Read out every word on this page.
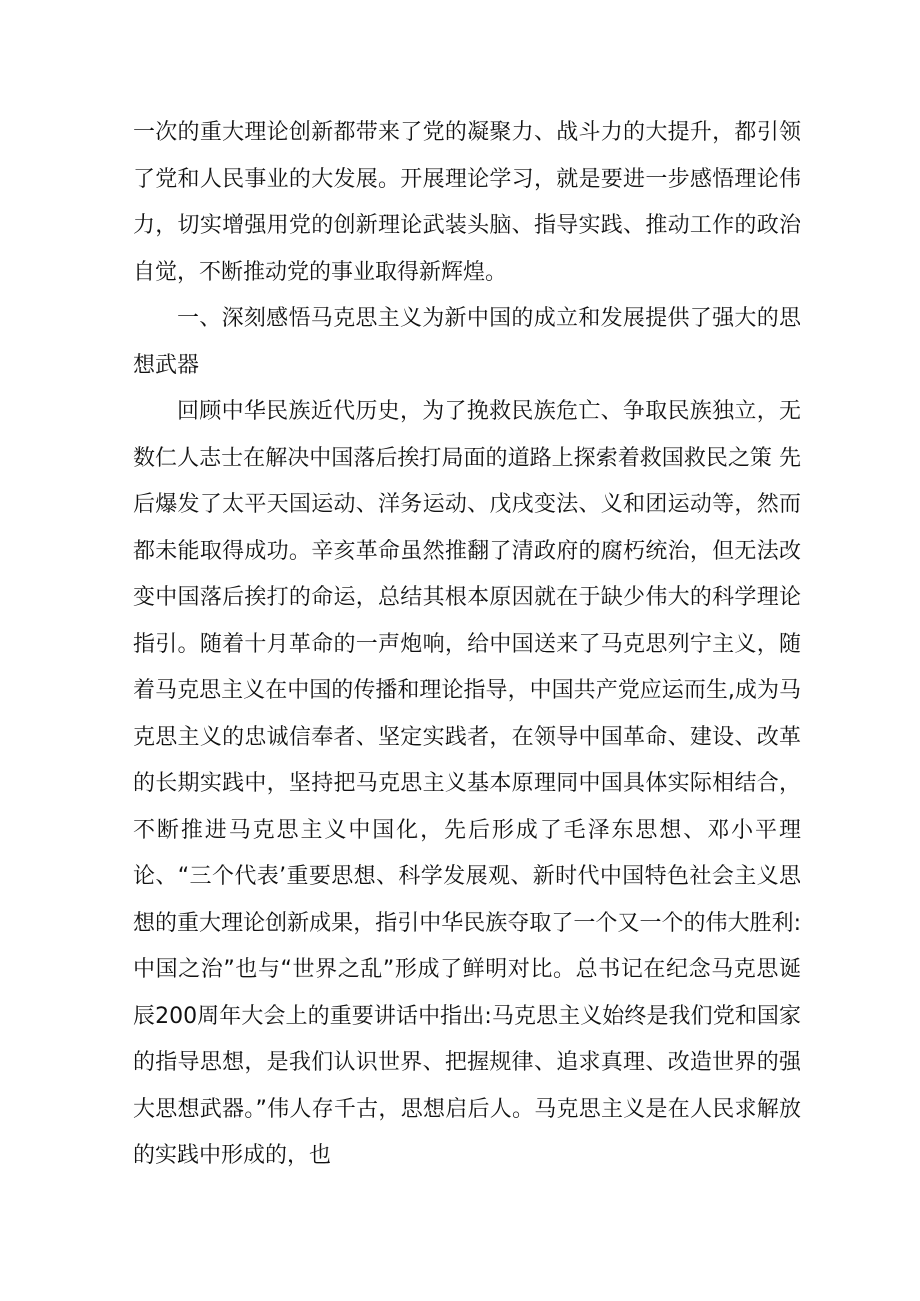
一次的重大理论创新都带来了党的凝聚力、战斗力的大提升，都引领了党和人民事业的大发展。开展理论学习，就是要进一步感悟理论伟力，切实增强用党的创新理论武装头脑、指导实践、推动工作的政治自觉，不断推动党的事业取得新辉煌。

一、深刻感悟马克思主义为新中国的成立和发展提供了强大的思想武器

回顾中华民族近代历史，为了挽救民族危亡、争取民族独立，无数仁人志士在解决中国落后挨打局面的道路上探索着救国救民之策 先后爆发了太平天国运动、洋务运动、戊戌变法、义和团运动等，然而都未能取得成功。辛亥革命虽然推翻了清政府的腐朽统治，但无法改变中国落后挨打的命运，总结其根本原因就在于缺少伟大的科学理论指引。随着十月革命的一声炮响，给中国送来了马克思列宁主义，随着马克思主义在中国的传播和理论指导，中国共产党应运而生,成为马克思主义的忠诚信奉者、坚定实践者，在领导中国革命、建设、改革的长期实践中，坚持把马克思主义基本原理同中国具体实际相结合，不断推进马克思主义中国化，先后形成了毛泽东思想、邓小平理论、“三个代表’重要思想、科学发展观、新时代中国特色社会主义思想的重大理论创新成果，指引中华民族夺取了一个又一个的伟大胜利:中国之治”也与“世界之乱”形成了鲜明对比。总书记在纪念马克思诞辰200周年大会上的重要讲话中指出:马克思主义始终是我们党和国家的指导思想，是我们认识世界、把握规律、追求真理、改造世界的强大思想武器。”伟人存千古，思想启后人。马克思主义是在人民求解放的实践中形成的，也
